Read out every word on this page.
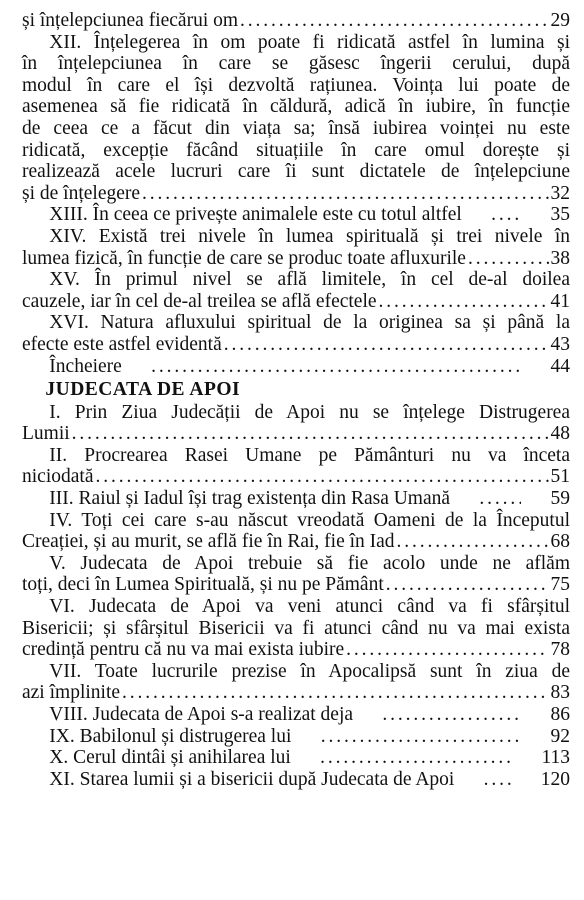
și înțelepciunea fiecărui om . . .	29
XII. Înțelegerea în om poate fi ridicată astfel în lumina și
în înțelepciunea în care se găsesc îngerii cerului, după
modul în care el își dezvoltă rațiunea. Voința lui poate de
asemenea să fie ridicată în căldură, adică în iubire, în funcție
de ceea ce a făcut din viața sa; însă iubirea voinței nu este
ridicată, excepție făcând situațiile în care omul dorește și
realizează acele lucruri care îi sunt dictatele de înțelepciune
și de înțelegere . . .	32
XIII. În ceea ce privește animalele este cu totul altfel . . .	35
XIV. Există trei nivele în lumea spirituală și trei nivele în
lumea fizică, în funcție de care se produc toate afluxurile . . .	38
XV. În primul nivel se află limitele, în cel de-al doilea
cauzele, iar în cel de-al treilea se află efectele . . .	41
XVI. Natura afluxului spiritual de la originea sa și până la
efecte este astfel evidentă . . .	43
Încheiere . . .	44
JUDECATA DE APOI
I. Prin Ziua Judecății de Apoi nu se înțelege Distrugerea
Lumii . . .	48
II. Procrearea Rasei Umane pe Pământuri nu va înceta
niciodată . . .	51
III. Raiul și Iadul își trag existența din Rasa Umană . . .	59
IV. Toți cei care s-au născut vreodată Oameni de la Începutul
Creației, și au murit, se află fie în Rai, fie în Iad . . .	68
V. Judecata de Apoi trebuie să fie acolo unde ne aflăm
toți, deci în Lumea Spirituală, și nu pe Pământ . . .	75
VI. Judecata de Apoi va veni atunci când va fi sfârșitul
Bisericii; și sfârșitul Bisericii va fi atunci când nu va mai exista
credință pentru că nu va mai exista iubire . . .	78
VII. Toate lucrurile prezise în Apocalipsă sunt în ziua de
azi împlinite . . .	83
VIII. Judecata de Apoi s-a realizat deja . . .	86
IX. Babilonul și distrugerea lui . . .	92
X. Cerul dintâi și anihilarea lui . . .	113
XI. Starea lumii și a bisericii după Judecata de Apoi . . .	120
